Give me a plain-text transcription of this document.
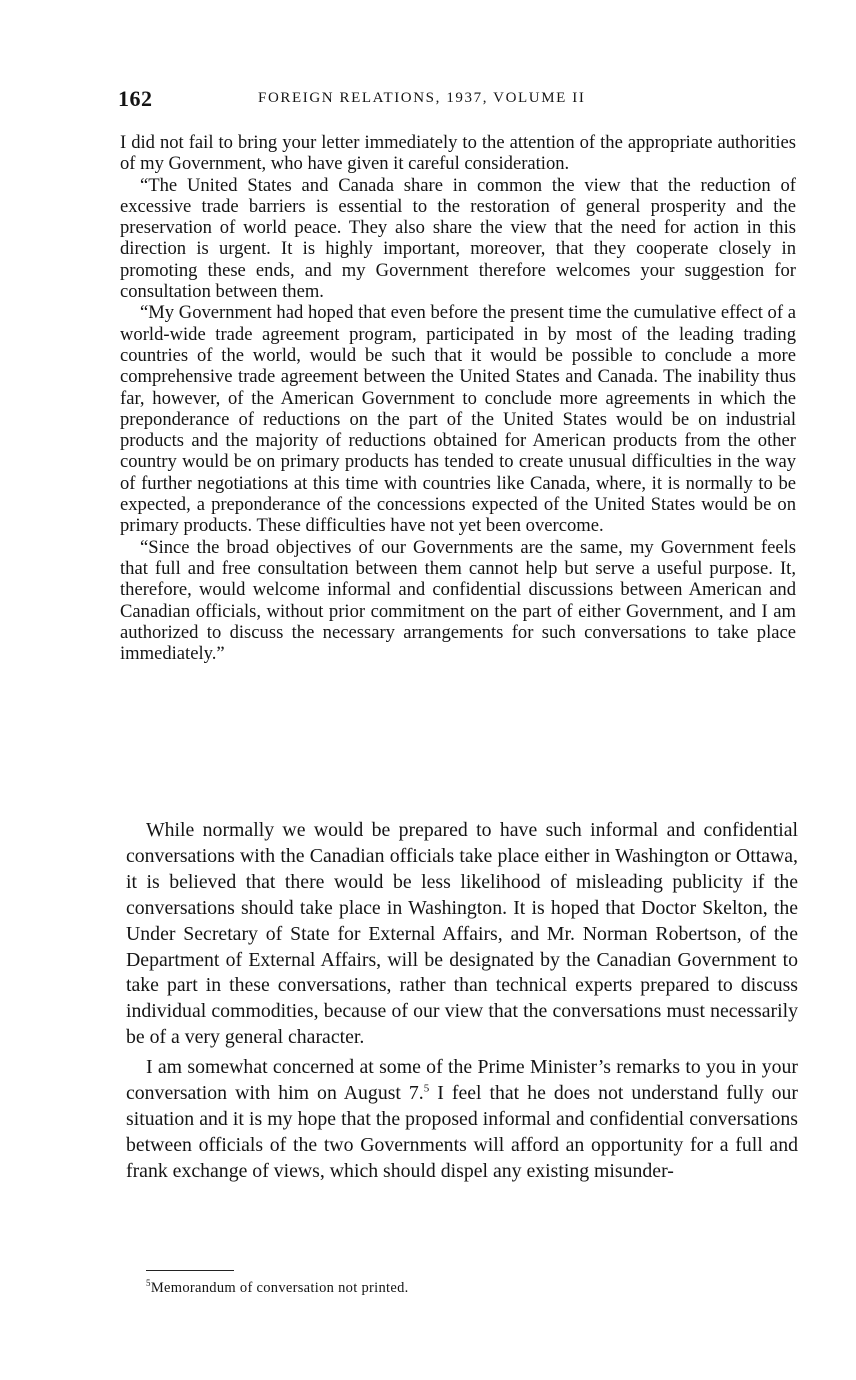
162	FOREIGN RELATIONS, 1937, VOLUME II

I did not fail to bring your letter immediately to the attention of the appropriate authorities of my Government, who have given it careful consideration.

“The United States and Canada share in common the view that the reduction of excessive trade barriers is essential to the restoration of general prosperity and the preservation of world peace. They also share the view that the need for action in this direction is urgent. It is highly important, moreover, that they cooperate closely in promoting these ends, and my Government therefore welcomes your suggestion for consultation between them.

“My Government had hoped that even before the present time the cumulative effect of a world-wide trade agreement program, participated in by most of the leading trading countries of the world, would be such that it would be possible to conclude a more comprehensive trade agreement between the United States and Canada. The inability thus far, however, of the American Government to conclude more agreements in which the preponderance of reductions on the part of the United States would be on industrial products and the majority of reductions obtained for American products from the other country would be on primary products has tended to create unusual difficulties in the way of further negotiations at this time with countries like Canada, where, it is normally to be expected, a preponderance of the concessions expected of the United States would be on primary products. These difficulties have not yet been overcome.

“Since the broad objectives of our Governments are the same, my Government feels that full and free consultation between them cannot help but serve a useful purpose. It, therefore, would welcome informal and confidential discussions between American and Canadian officials, without prior commitment on the part of either Government, and I am authorized to discuss the necessary arrangements for such conversations to take place immediately.”

While normally we would be prepared to have such informal and confidential conversations with the Canadian officials take place either in Washington or Ottawa, it is believed that there would be less likelihood of misleading publicity if the conversations should take place in Washington. It is hoped that Doctor Skelton, the Under Secretary of State for External Affairs, and Mr. Norman Robertson, of the Department of External Affairs, will be designated by the Canadian Government to take part in these conversations, rather than technical experts prepared to discuss individual commodities, because of our view that the conversations must necessarily be of a very general character.

I am somewhat concerned at some of the Prime Minister’s remarks to you in your conversation with him on August 7.$^5$ I feel that he does not understand fully our situation and it is my hope that the proposed informal and confidential conversations between officials of the two Governments will afford an opportunity for a full and frank exchange of views, which should dispel any existing misunder-

$^5$Memorandum of conversation not printed.
